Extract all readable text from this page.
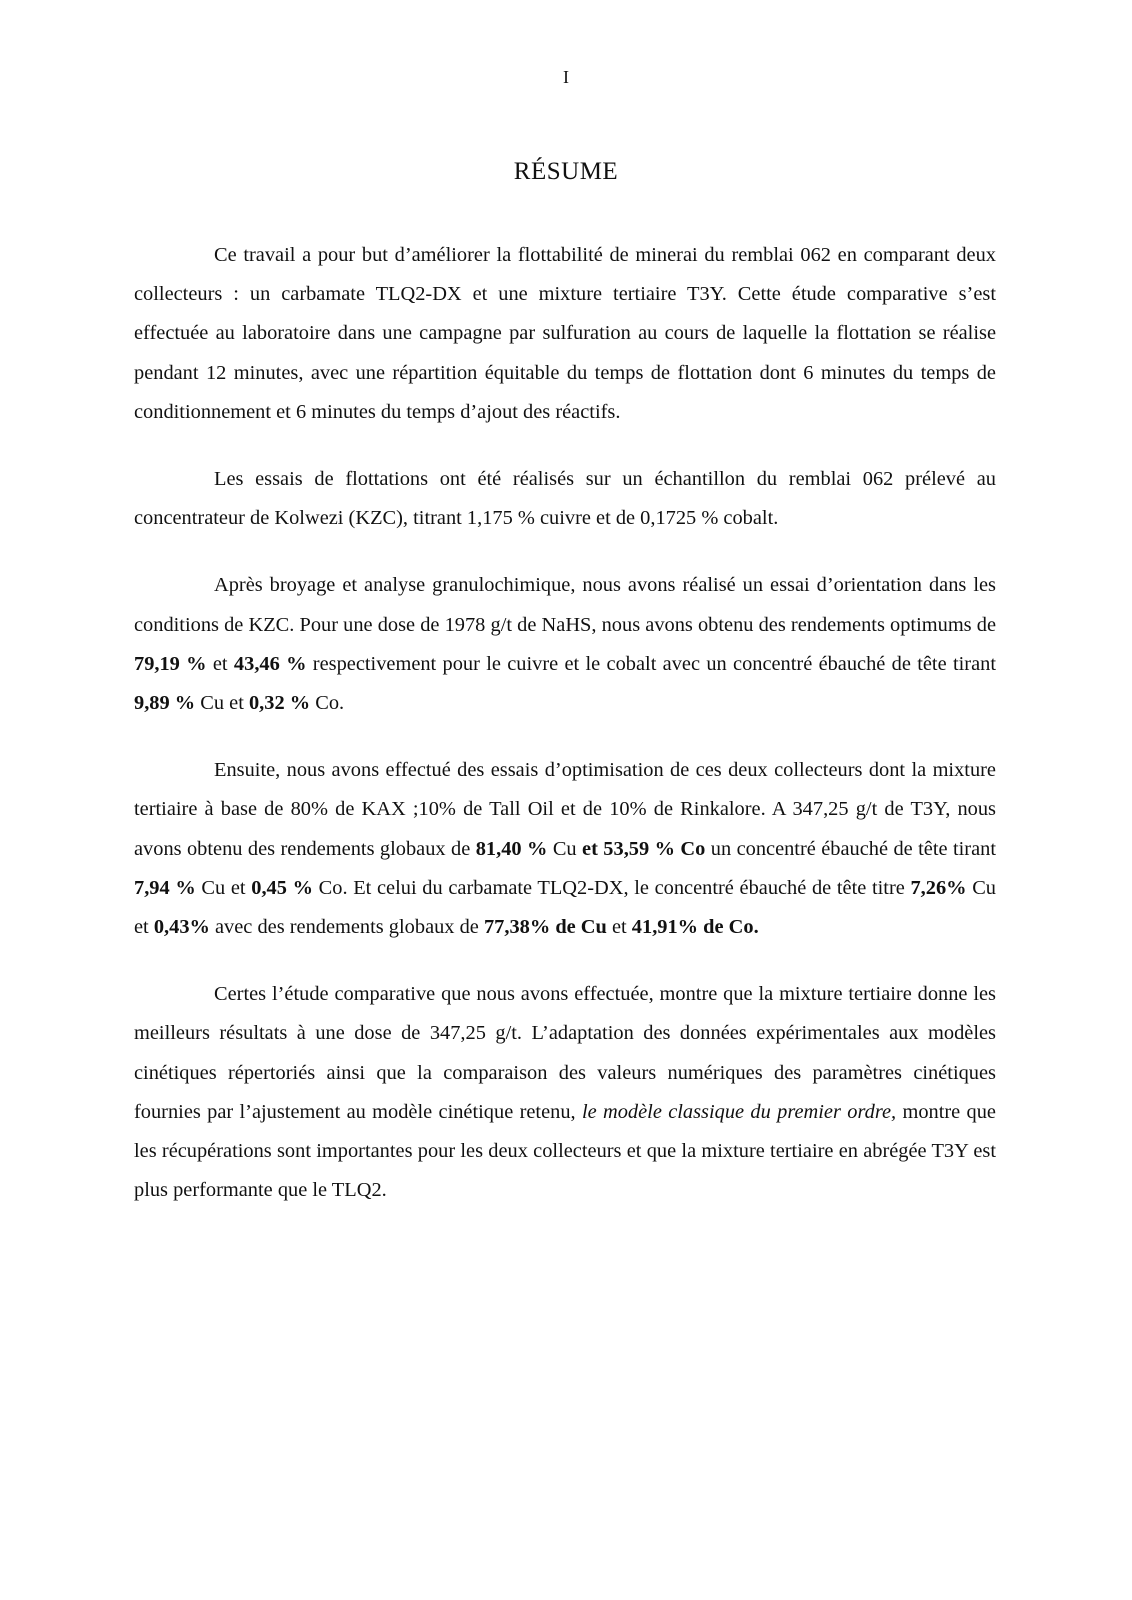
I
RÉSUME

Ce travail a pour but d’améliorer la flottabilité de minerai du remblai 062 en comparant deux collecteurs : un carbamate TLQ2-DX et une mixture tertiaire T3Y. Cette étude comparative s’est effectuée au laboratoire dans une campagne par sulfuration au cours de laquelle la flottation se réalise pendant 12 minutes, avec une répartition équitable du temps de flottation dont 6 minutes du temps de conditionnement et 6 minutes du temps d’ajout des réactifs.

Les essais de flottations ont été réalisés sur un échantillon du remblai 062 prélevé au concentrateur de Kolwezi (KZC), titrant 1,175 % cuivre et de 0,1725 % cobalt.

Après broyage et analyse granulochimique, nous avons réalisé un essai d’orientation dans les conditions de KZC. Pour une dose de 1978 g/t de NaHS, nous avons obtenu des rendements optimums de 79,19 % et 43,46 % respectivement pour le cuivre et le cobalt avec un concentré ébauché de tête tirant 9,89 % Cu et 0,32 % Co.

Ensuite, nous avons effectué des essais d’optimisation de ces deux collecteurs dont la mixture tertiaire à base de 80% de KAX ;10% de Tall Oil et de 10% de Rinkalore. A 347,25 g/t de T3Y, nous avons obtenu des rendements globaux de 81,40 % Cu et 53,59 % Co un concentré ébauché de tête tirant 7,94 % Cu et 0,45 % Co. Et celui du carbamate TLQ2-DX, le concentré ébauché de tête titre 7,26% Cu et 0,43% avec des rendements globaux de 77,38% de Cu et 41,91% de Co.

Certes l’étude comparative que nous avons effectuée, montre que la mixture tertiaire donne les meilleurs résultats à une dose de 347,25 g/t. L’adaptation des données expérimentales aux modèles cinétiques répertoriés ainsi que la comparaison des valeurs numériques des paramètres cinétiques fournies par l’ajustement au modèle cinétique retenu, le modèle classique du premier ordre, montre que les récupérations sont importantes pour les deux collecteurs et que la mixture tertiaire en abrégée T3Y est plus performante que le TLQ2.
